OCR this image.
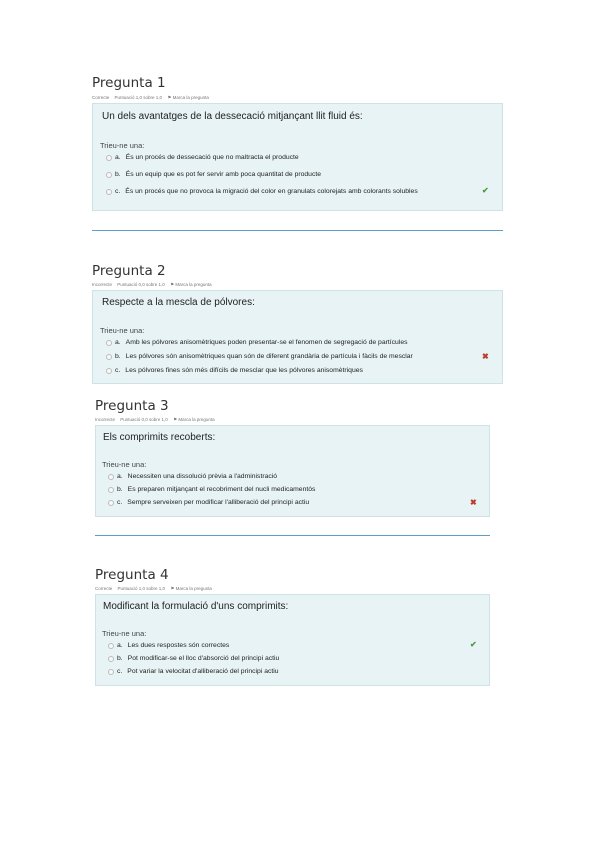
Pregunta 1
Correcte Puntuació 1,0 sobre 1,0 ⚑ Marca la pregunta
Un dels avantatges de la dessecació mitjançant llit fluid és:
Trieu-ne una:
a. És un procés de dessecació que no maltracta el producte
b. És un equip que es pot fer servir amb poca quantitat de producte
c. És un procés que no provoca la migració del color en granulats colorejats amb colorants solubles	✔
Pregunta 2
Incorrecte Puntuació 0,0 sobre 1,0 ⚑ Marca la pregunta
Respecte a la mescla de pólvores:
Trieu-ne una:
a. Amb les pólvores anisomètriques poden presentar-se el fenomen de segregació de partícules
b. Les pólvores són anisomètriques quan són de diferent grandària de partícula i fàcils de mesclar
c. Les pólvores fines són més difícils de mesclar que les pólvores anisomètriques
✖
Pregunta 3
Incorrecte Puntuació 0,0 sobre 1,0 ⚑ Marca la pregunta
Els comprimits recoberts:
Trieu-ne una:
a. Necessiten una dissolució prèvia a l'administració
b. Es preparen mitjançant el recobriment del nucli medicamentós
c. Sempre serveixen per modificar l'alliberació del principi actiu	✖
Pregunta 4
Correcte Puntuació 1,0 sobre 1,0 ⚑ Marca la pregunta
Modificant la formulació d'uns comprimits:
Trieu-ne una:
a. Les dues respostes són correctes
b. Pot modificar-se el lloc d'absorció del principi actiu
c. Pot variar la velocitat d'alliberació del principi actiu
✔
